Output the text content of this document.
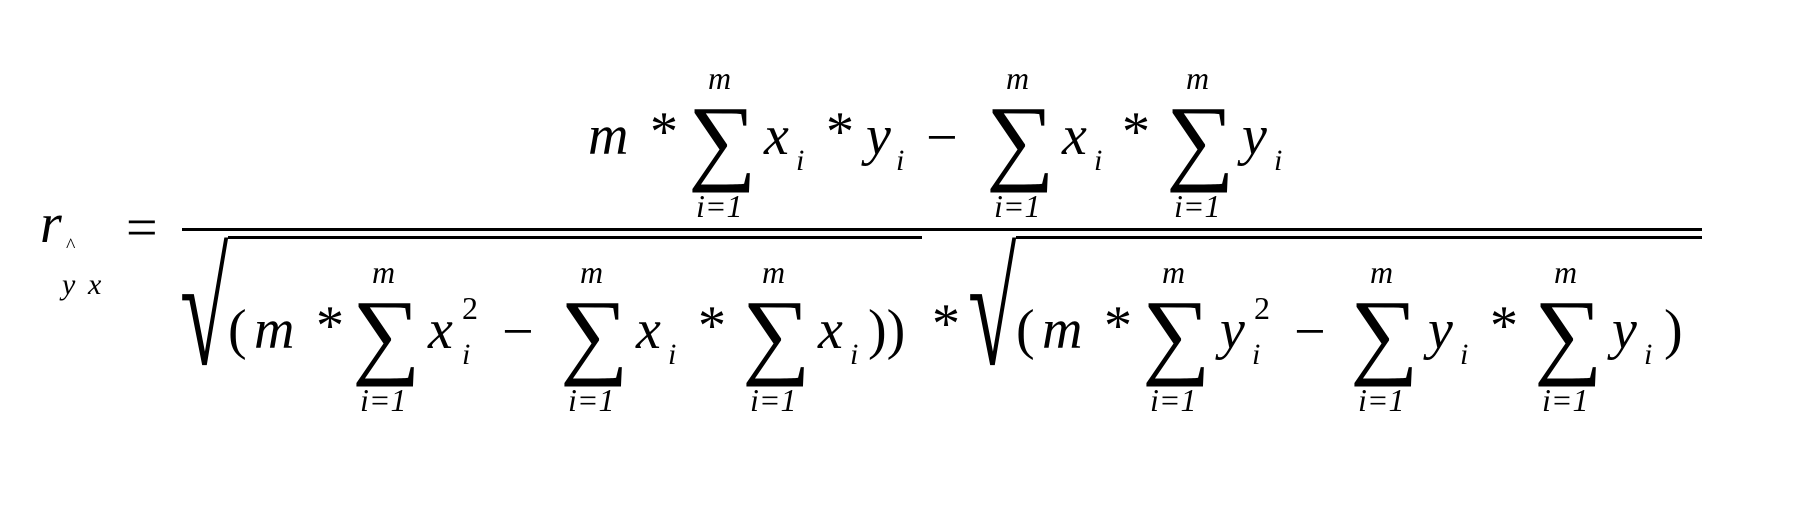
r ^
y x
=
m *
m
∑
i=1
x i * y i −
m
∑
i=1
x i *
m
∑
i=1
y i
√ ( m *
m
∑
i=1
x 2
i −
m
∑
i=1
x i *
m
∑
i=1
x i )) * √ ( m *
m
∑
i=1
y 2
i −
m
∑
i=1
y i *
m
∑
i=1
y i )
